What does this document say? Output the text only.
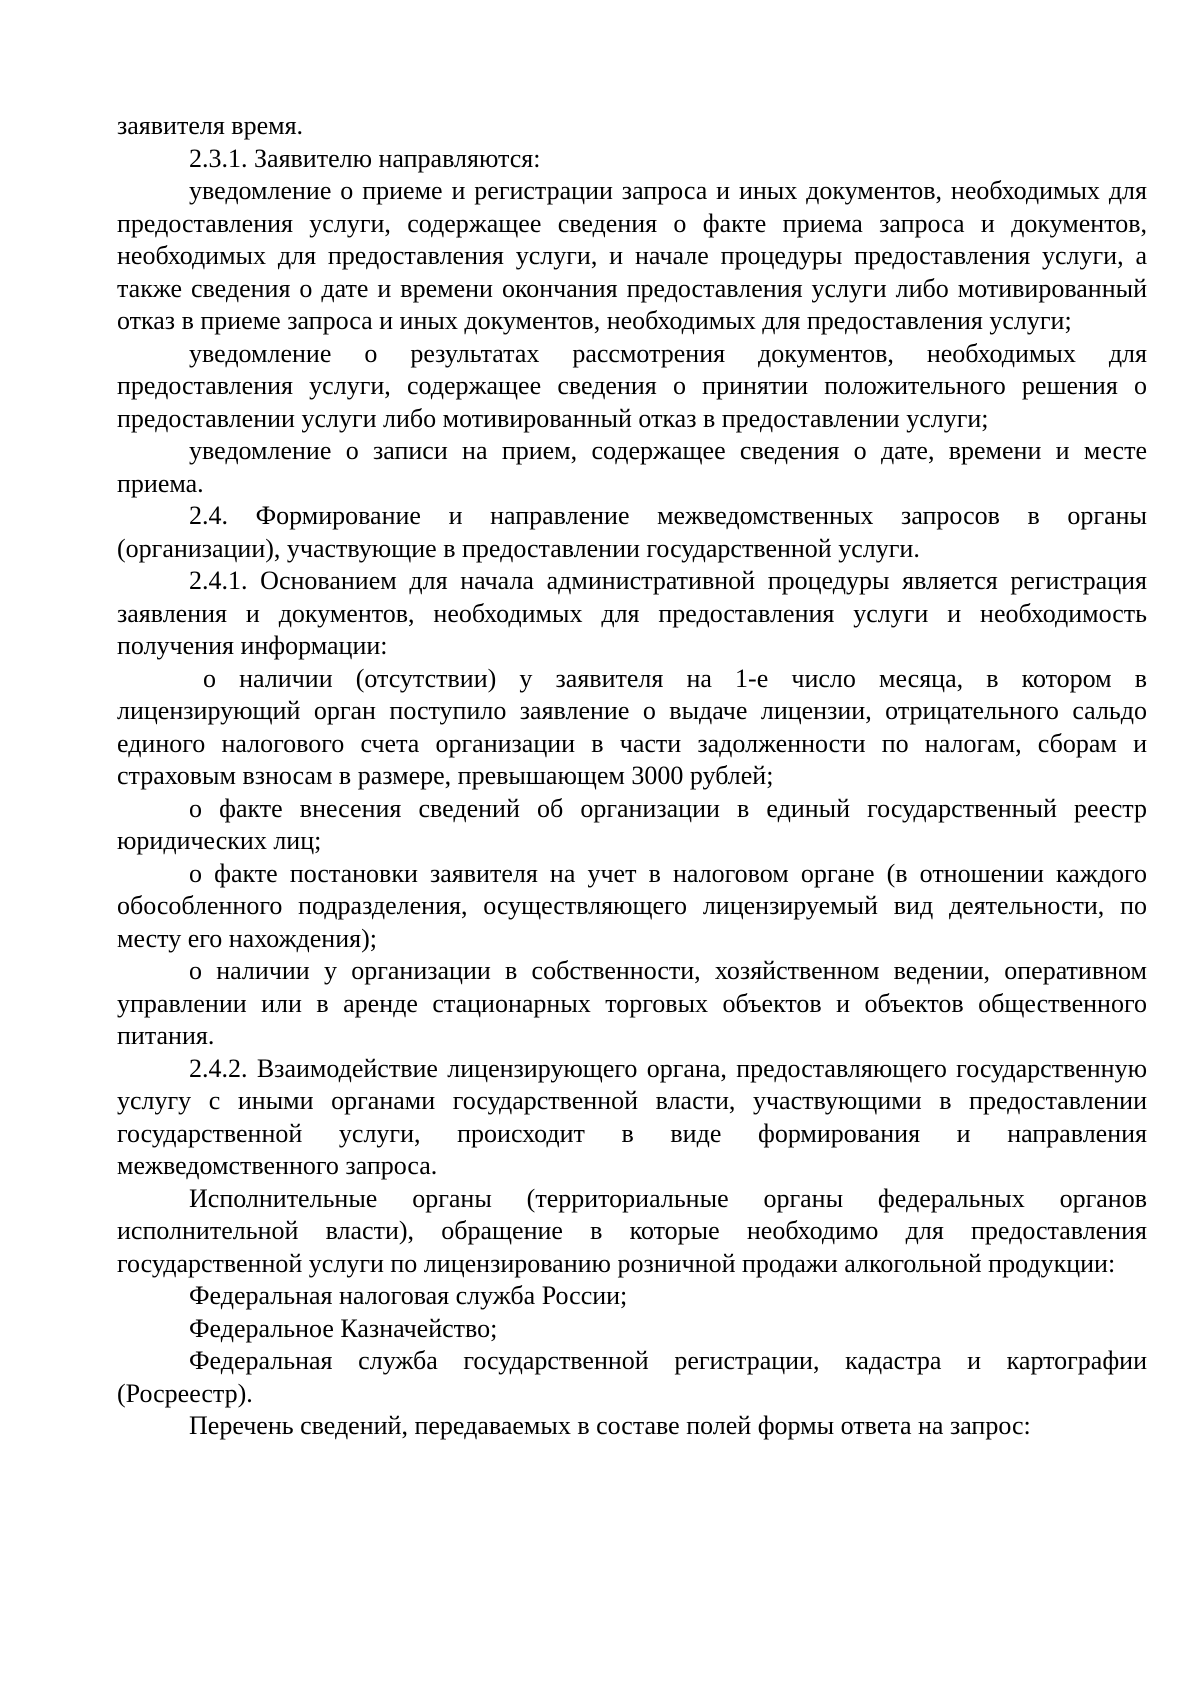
заявителя время.

2.3.1. Заявителю направляются:

уведомление о приеме и регистрации запроса и иных документов, необходимых для предоставления услуги, содержащее сведения о факте приема запроса и документов, необходимых для предоставления услуги, и начале процедуры предоставления услуги, а также сведения о дате и времени окончания предоставления услуги либо мотивированный отказ в приеме запроса и иных документов, необходимых для предоставления услуги;

уведомление о результатах рассмотрения документов, необходимых для предоставления услуги, содержащее сведения о принятии положительного решения о предоставлении услуги либо мотивированный отказ в предоставлении услуги;

уведомление о записи на прием, содержащее сведения о дате, времени и месте приема.

2.4. Формирование и направление межведомственных запросов в органы (организации), участвующие в предоставлении государственной услуги.

2.4.1. Основанием для начала административной процедуры является регистрация заявления и документов, необходимых для предоставления услуги и необходимость получения информации:

о наличии (отсутствии) у заявителя на 1-е число месяца, в котором в лицензирующий орган поступило заявление о выдаче лицензии, отрицательного сальдо единого налогового счета организации в части задолженности по налогам, сборам и страховым взносам в размере, превышающем 3000 рублей;

о факте внесения сведений об организации в единый государственный реестр юридических лиц;

о факте постановки заявителя на учет в налоговом органе (в отношении каждого обособленного подразделения, осуществляющего лицензируемый вид деятельности, по месту его нахождения);

о наличии у организации в собственности, хозяйственном ведении, оперативном управлении или в аренде стационарных торговых объектов и объектов общественного питания.

2.4.2. Взаимодействие лицензирующего органа, предоставляющего государственную услугу с иными органами государственной власти, участвующими в предоставлении государственной услуги, происходит в виде формирования и направления межведомственного запроса.

Исполнительные органы (территориальные органы федеральных органов исполнительной власти), обращение в которые необходимо для предоставления государственной услуги по лицензированию розничной продажи алкогольной продукции:

Федеральная налоговая служба России;

Федеральное Казначейство;

Федеральная служба государственной регистрации, кадастра и картографии (Росреестр).

Перечень сведений, передаваемых в составе полей формы ответа на запрос:
